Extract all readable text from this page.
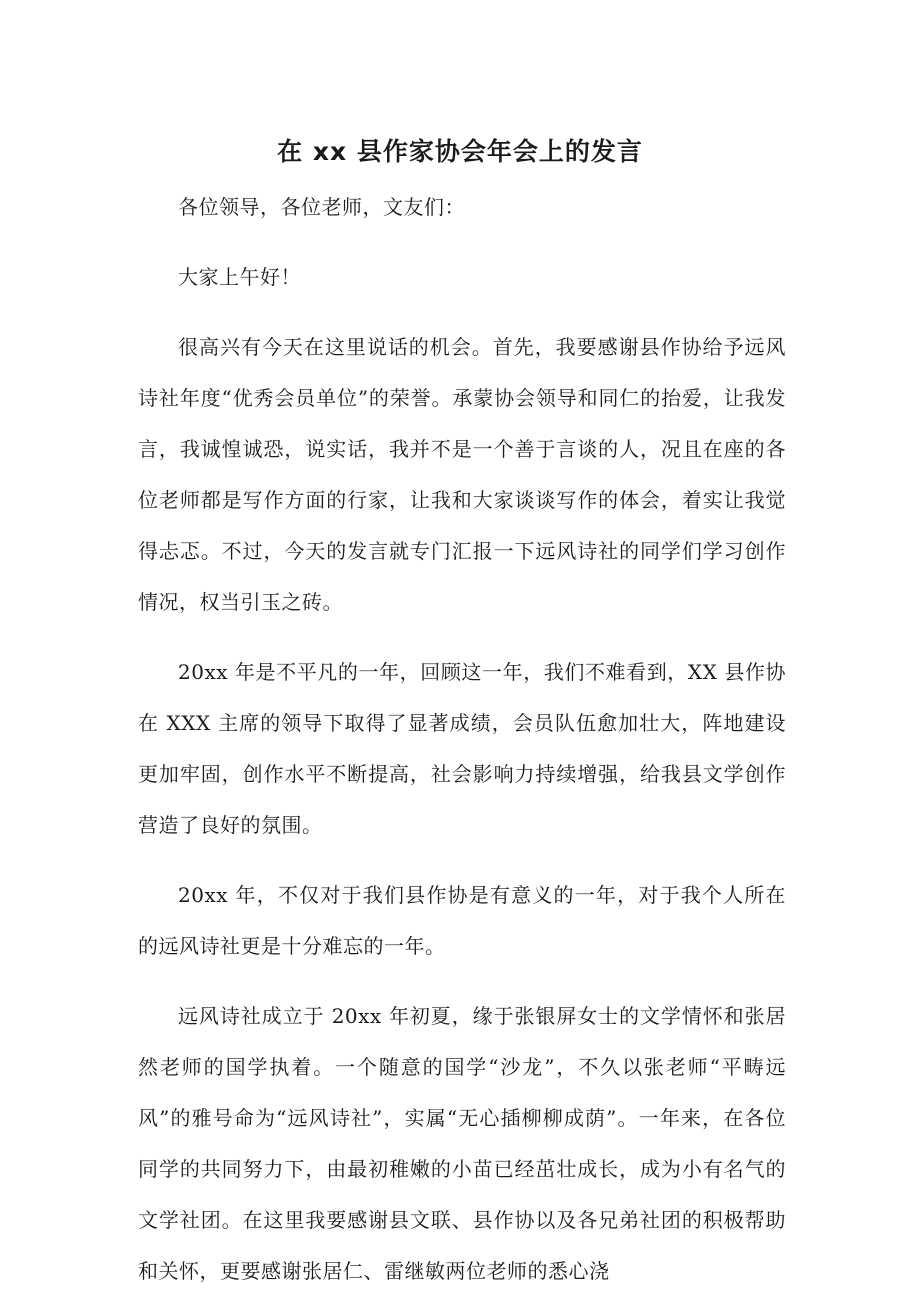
在 xx 县作家协会年会上的发言

各位领导，各位老师，文友们：

大家上午好！

很高兴有今天在这里说话的机会。首先，我要感谢县作协给予远风诗社年度“优秀会员单位”的荣誉。承蒙协会领导和同仁的抬爱，让我发言，我诚惶诚恐，说实话，我并不是一个善于言谈的人，况且在座的各位老师都是写作方面的行家，让我和大家谈谈写作的体会，着实让我觉得忐忑。不过，今天的发言就专门汇报一下远风诗社的同学们学习创作情况，权当引玉之砖。

20xx 年是不平凡的一年，回顾这一年，我们不难看到，XX 县作协在 XXX 主席的领导下取得了显著成绩，会员队伍愈加壮大，阵地建设更加牢固，创作水平不断提高，社会影响力持续增强，给我县文学创作营造了良好的氛围。

20xx 年，不仅对于我们县作协是有意义的一年，对于我个人所在的远风诗社更是十分难忘的一年。

远风诗社成立于 20xx 年初夏，缘于张银屏女士的文学情怀和张居然老师的国学执着。一个随意的国学“沙龙”，不久以张老师“平畴远风”的雅号命为“远风诗社”，实属“无心插柳柳成荫”。一年来，在各位同学的共同努力下，由最初稚嫩的小苗已经茁壮成长，成为小有名气的文学社团。在这里我要感谢县文联、县作协以及各兄弟社团的积极帮助和关怀，更要感谢张居仁、雷继敏两位老师的悉心浇
